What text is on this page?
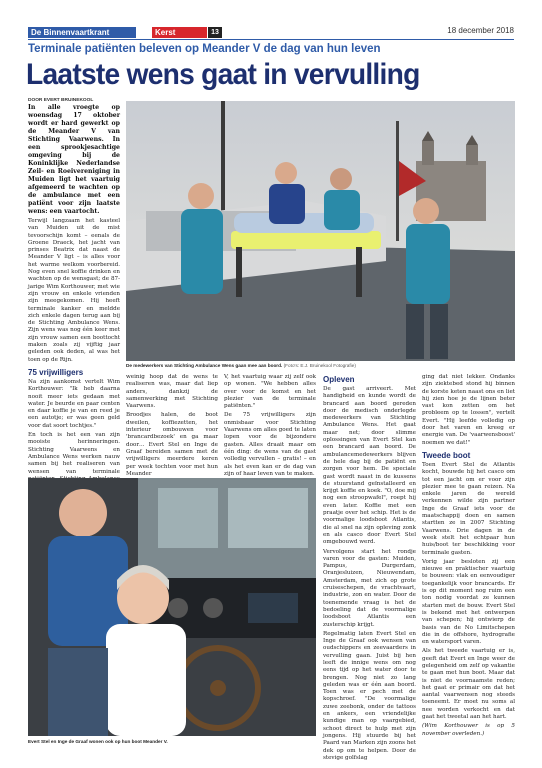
De Binnenvaartkrant	Kerst	13	18 december 2018
Terminale patiënten beleven op Meander V de dag van hun leven
Laatste wens gaat in vervulling
DOOR EVERT BRUINEKOOL

In alle vroegte op woensdag 17 oktober wordt er hard gewerkt op de Meander V van Stichting Vaarwens. In een sprookjesachtige omgeving bij de Koninklijke Nederlandse Zeil- en Roeivereniging in Muiden ligt het vaartuig afgemeerd te wachten op de ambulance met een patiënt voor zijn laatste wens: een vaartocht.

Terwijl langzaam het kasteel van Muiden uit de mist tevoorschijn komt – eenals de Groene Draeck, het jacht van prinses Beatrix dat naast de Meander V ligt – is alles voor het warme welkom voorbereid. Nog even snel koffie drinken en wachten op de wensgast; de 87-jarige Wim Korthouwer, met wie zijn vrouw en enkele vrienden zijn meegekomen. Hij heeft terminale kanker en meldde zich enkele dagen terug aan bij de Stichting Ambulance Wens. Zijn wens was nog één keer met zijn vrouw samen een boottocht maken zoals zij vijftig jaar geleden ook deden, al was het toen op de Rijn.

75 vrijwilligers

Na zijn aankomst vertelt Wim Korthouwer: "Ik heb daarna nooit meer iets gedaan met water. Je beurde en paar centen en daar koffie je van en reed je een autotje; er was geen geld voor dat soort tochtjes."

En toch is het een van zijn mooiste herinneringen. Stichting Vaarwens en Ambulance Wens werken nauw samen bij het realiseren van wensen van terminale

De medewerkers van Stichting Ambulance Wens gaan mee aan boord. (Foto's: E.J. Bruinekool Fotografie)

weinig hoop dat de wens te realiseren was, maar dat liep anders, dankzij de samenwerking met Stichting Vaarwens.

Broodjes halen, de boot dweilen, koffiezetten, het interieur ombouwen voor 'brancardbezoek' en ga maar door… Evert Stel en Inge de Graaf bereiden samen met de vrijwilligers meerdere keren per week tochten voor met hun Meander

V, het vaartuig waar zij zelf ook op wonen. "We hebben alles over voor de komst en het plezier van de terminale patiënten."

De 75 vrijwilligers zijn onmisbaar voor Stichting Vaarwens om alles goed te laten lopen voor de bijzondere gasten. Alles draait maar om één ding: de wens van de gast volledig vervullen – gratis! – en als het even kan er de dag van zijn of haar leven van te maken.

Evert Stel en Inge de Graaf wonen ook op hun boot Meander V.
Opleven

De gast arriveert. Met handigheid en kunde wordt de brancard aan boord gereden door de medisch onderlegde medewerkers van Stichting Ambulance Wens. Het gaat maar net; door slimme oplossingen van Evert Stel kan een brancard aan boord. De ambulancemedewerkers blijven de hele dag bij de patiënt en zorgen voor hem. De speciale gast wordt naast in de kussens de stuurstand geïnstalleerd en krijgt koffie en koek. "O, doe mij nog een stroopwafel", roept hij even later. Koffie met een praatje over het schip. Het is de voormalige loodsboot Atlantis, die al snel na zijn opleving zonk en als casco door Evert Stel omgebouwd werd.

Vervolgens start het rondje varen voor de gasten: Muiden, Pampus, Durgerdam, Oranjesluizen, Nieuwendam, Amsterdam, met zich op grote cruiseschepen, de vrachtvaart, industrie, zon en water. Door de toenemende vraag is het de bedoeling dat de voormalige loodsboot Atlantis een zusterschip krijgt.

Regelmatig laten Evert Stel en Inge de Graaf ook wensen van oudschippers en zeevaarders in vervulling gaan. Juist bij hen leeft de innige wens om nog eens tijd op het water door te brengen. Nog niet zo lang geleden was er één aan boord. Toen was er pech met de kopschroef. "De voormalige zuwe zeebonk, onder de tattoos en ankers, een vriendelijke kundige man op vaargebied, schoot direct te hulp met zijn jongens. Hij stuurde bij het Paard van Marken zijn zoons het dek op om te helpen. Door de stevige golfslag

ging dat niet lekker. Ondanks zijn ziektebed stond hij binnen de korste keten naast ons en liet hij zien hoe je de lijnen beter vast kon zetten om het probleem op te lossen", vertelt Evert. "Hij leefde volledig op door het varen en kreeg er energie van. De 'vaarwensboost' noemen we dat!"

Tweede boot

Toen Evert Stel de Atlantis kocht, bouwde hij het casco om tot een jacht om er voor zijn plezier mee te gaan reizen. Na enkele jaren de wereld verkennen wilde zijn partner Inge de Graaf iets voor de maatschappij doen en samen startten ze in 2007 Stichting Vaarwens. Drie dagen in de week stelt het echtpaar hun huis/boot ter beschikking voor terminale gasten.

Vorig jaar besloten zij een nieuwe en praktischer vaartuig te bouwen: vlak en eenvoudiger toegankelijk voor brancards. Er is op dit moment nog ruim een ton nodig voordat ze kunnen starten met de bouw. Evert Stel is bekend met het ontwerpen van schepen; hij ontwierp de basis van de No Limitschepen die in de offshore, hydrografie en watersport varen.

Als het tweede vaartuig er is, geeft dat Evert en Inge weer de gelegenheid om zelf op vakantie te gaan met hun boot. Maar dat is niet de voornaamste reden; het gaat er primair om dat het aantal vaarwensen nog steeds toeneemt. Er moet nu soms al nee worden verkocht en dat gaat het tweetal aan het hart.

(Wim Korthouwer is op 5 november overleden.)
